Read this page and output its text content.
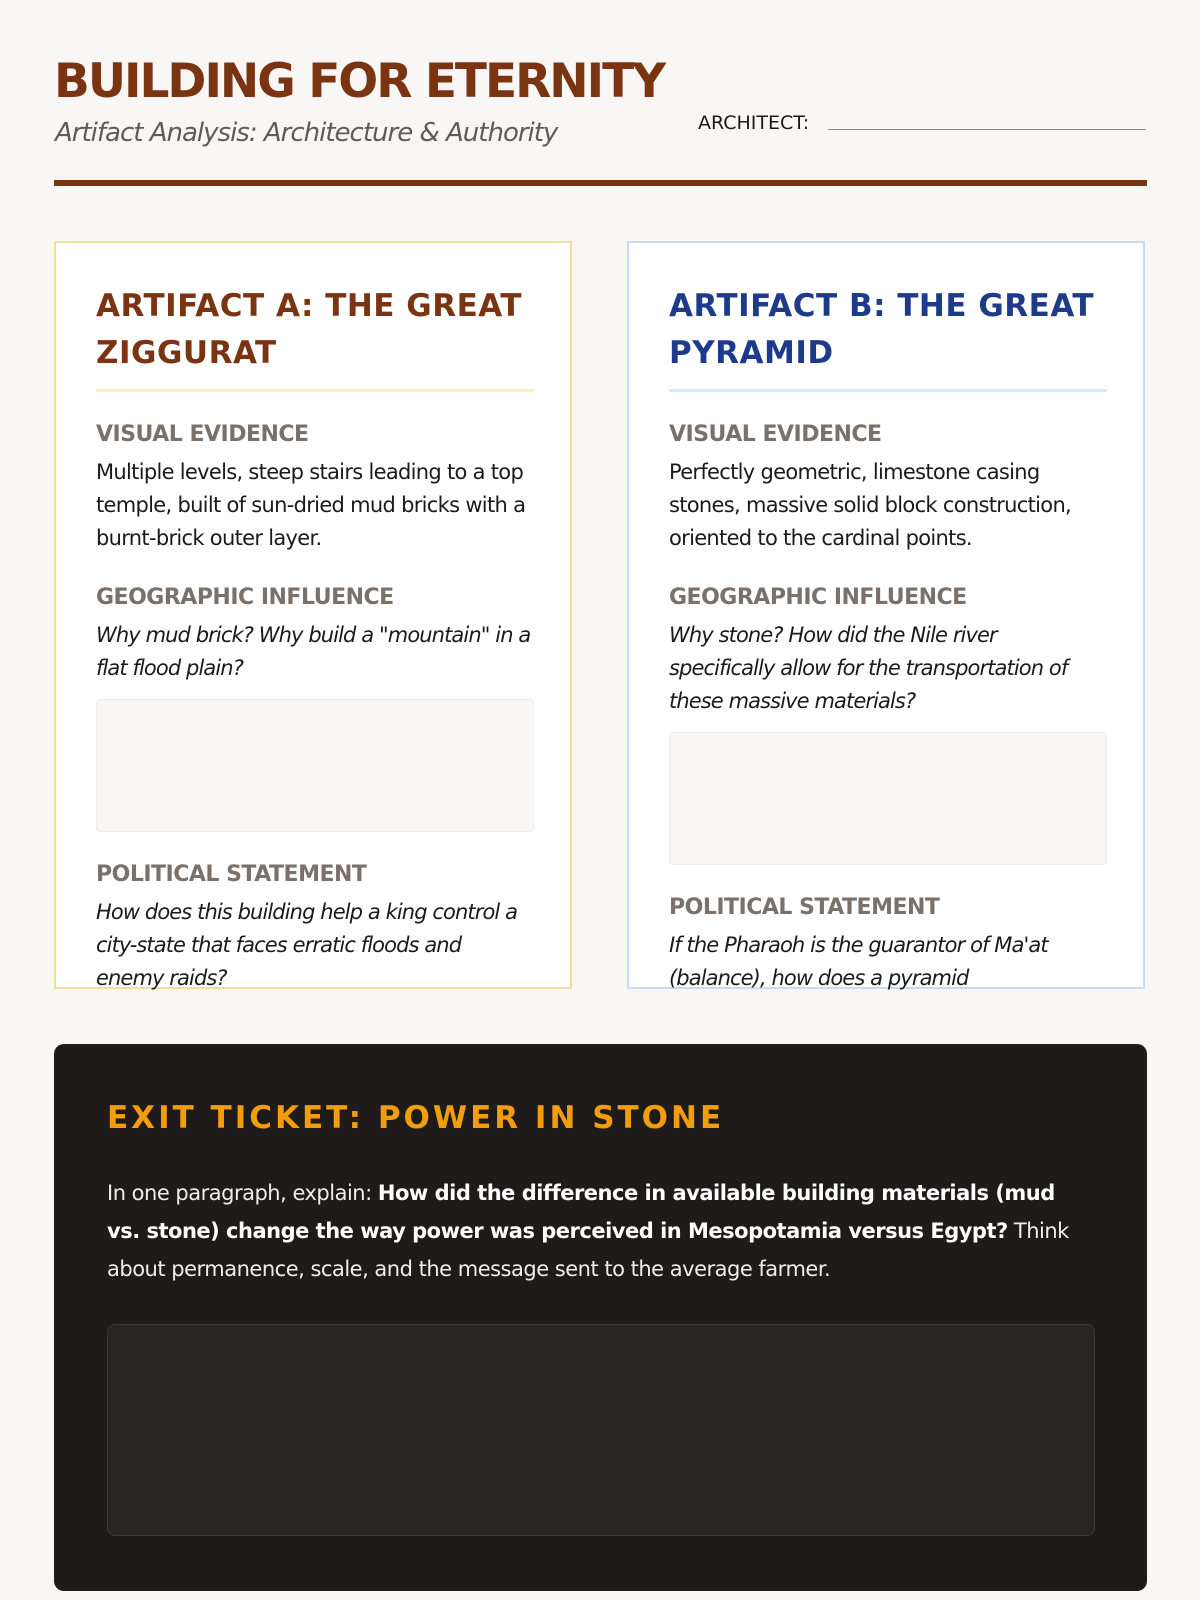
BUILDING FOR ETERNITY
Artifact Analysis: Architecture & Authority	ARCHITECT:
ARTIFACT A: THE GREAT ZIGGURAT
VISUAL EVIDENCE
Multiple levels, steep stairs leading to a top temple, built of sun-dried mud bricks with a burnt-brick outer layer.
GEOGRAPHIC INFLUENCE
Why mud brick? Why build a "mountain" in a flat flood plain?
POLITICAL STATEMENT
How does this building help a king control a city-state that faces erratic floods and enemy raids?
ARTIFACT B: THE GREAT PYRAMID
VISUAL EVIDENCE
Perfectly geometric, limestone casing stones, massive solid block construction, oriented to the cardinal points.
GEOGRAPHIC INFLUENCE
Why stone? How did the Nile river specifically allow for the transportation of these massive materials?
POLITICAL STATEMENT
If the Pharaoh is the guarantor of Ma'at (balance), how does a pyramid
EXIT TICKET: POWER IN STONE
In one paragraph, explain: How did the difference in available building materials (mud vs. stone) change the way power was perceived in Mesopotamia versus Egypt? Think about permanence, scale, and the message sent to the average farmer.
